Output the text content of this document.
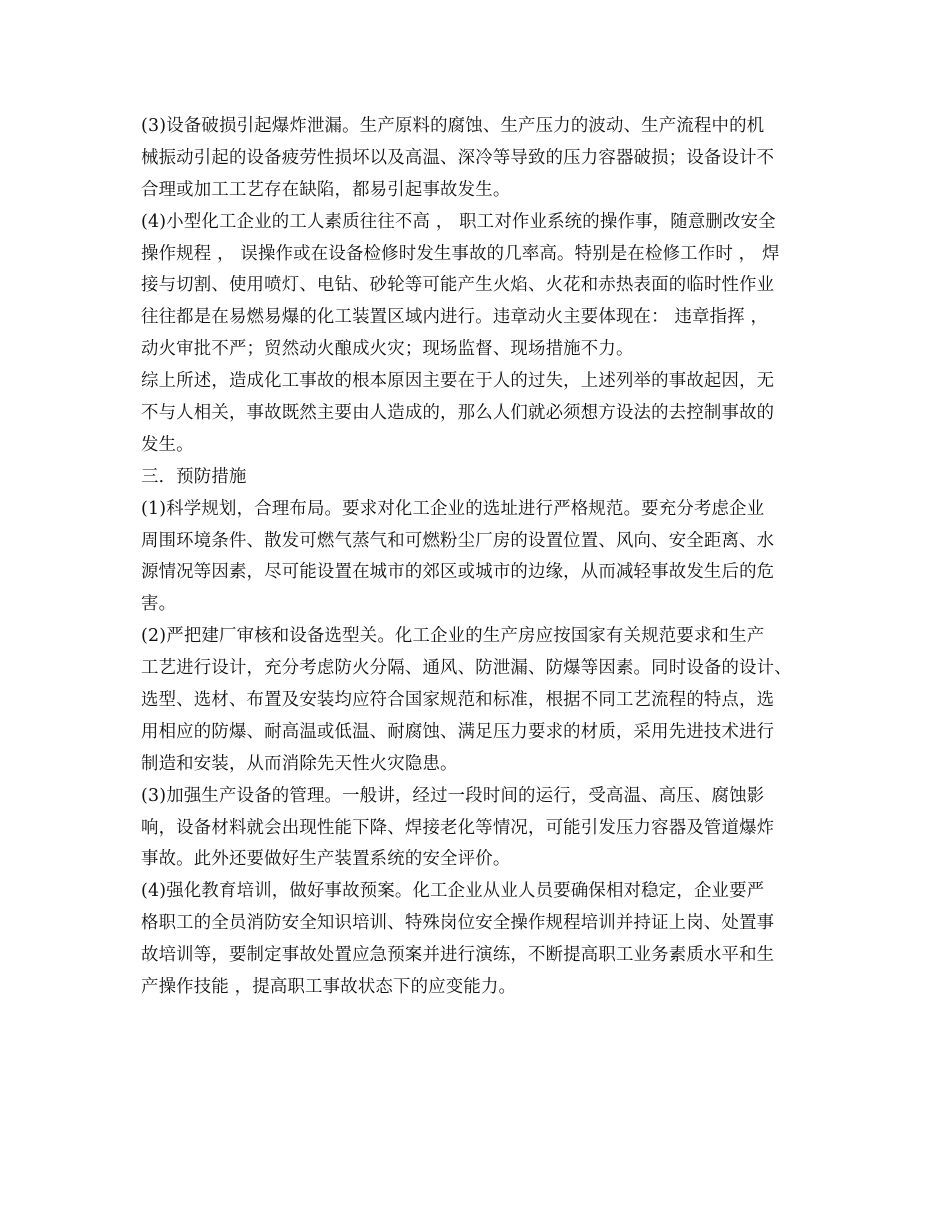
(3)设备破损引起爆炸泄漏。生产原料的腐蚀、生产压力的波动、生产流程中的机
械振动引起的设备疲劳性损坏以及高温、深冷等导致的压力容器破损；设备设计不
合理或加工工艺存在缺陷，都易引起事故发生。
(4)小型化工企业的工人素质往往不高 ， 职工对作业系统的操作事，随意删改安全
操作规程 ， 误操作或在设备检修时发生事故的几率高。特别是在检修工作时 ， 焊
接与切割、使用喷灯、电钻、砂轮等可能产生火焰、火花和赤热表面的临时性作业
往往都是在易燃易爆的化工装置区域内进行。违章动火主要体现在： 违章指挥 ，
动火审批不严；贸然动火酿成火灾；现场监督、现场措施不力。
综上所述，造成化工事故的根本原因主要在于人的过失，上述列举的事故起因，无
不与人相关，事故既然主要由人造成的，那么人们就必须想方设法的去控制事故的
发生。
三．预防措施
(1)科学规划，合理布局。要求对化工企业的选址进行严格规范。要充分考虑企业
周围环境条件、散发可燃气蒸气和可燃粉尘厂房的设置位置、风向、安全距离、水
源情况等因素，尽可能设置在城市的郊区或城市的边缘，从而减轻事故发生后的危
害。
(2)严把建厂审核和设备选型关。化工企业的生产房应按国家有关规范要求和生产
工艺进行设计，充分考虑防火分隔、通风、防泄漏、防爆等因素。同时设备的设计、
选型、选材、布置及安装均应符合国家规范和标准，根据不同工艺流程的特点，选
用相应的防爆、耐高温或低温、耐腐蚀、满足压力要求的材质，采用先进技术进行
制造和安装，从而消除先天性火灾隐患。
(3)加强生产设备的管理。一般讲，经过一段时间的运行，受高温、高压、腐蚀影
响，设备材料就会出现性能下降、焊接老化等情况，可能引发压力容器及管道爆炸
事故。此外还要做好生产装置系统的安全评价。
(4)强化教育培训，做好事故预案。化工企业从业人员要确保相对稳定，企业要严
格职工的全员消防安全知识培训、特殊岗位安全操作规程培训并持证上岗、处置事
故培训等，要制定事故处置应急预案并进行演练，不断提高职工业务素质水平和生
产操作技能 ，提高职工事故状态下的应变能力。
